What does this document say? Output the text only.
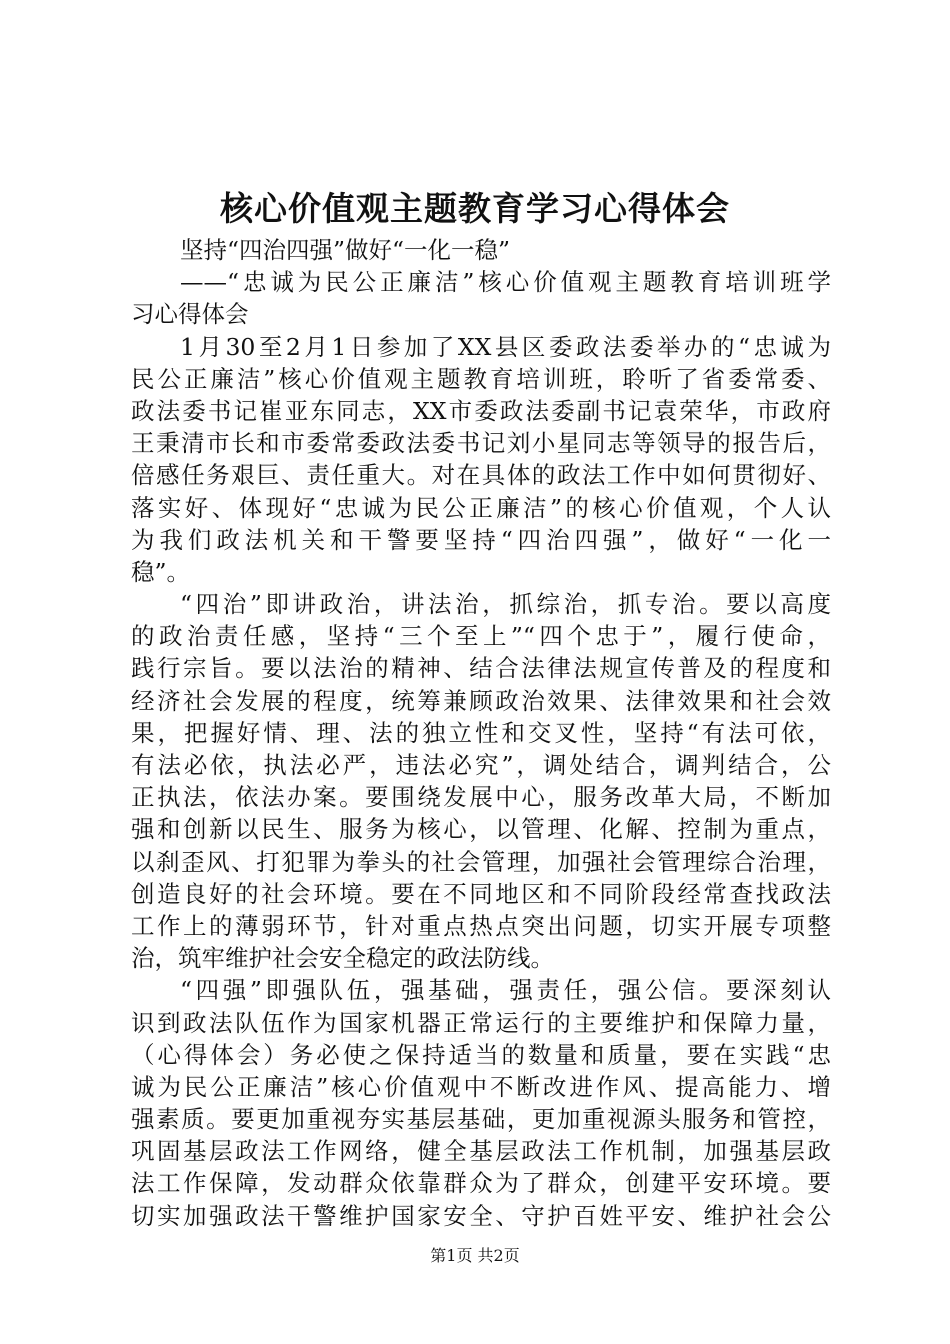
核心价值观主题教育学习心得体会

坚持“四治四强”做好“一化一稳”

——“忠诚为民公正廉洁”核心价值观主题教育培训班学

习心得体会

1月30至2月1日参加了XX县区委政法委举办的“忠诚为

民公正廉洁”核心价值观主题教育培训班，聆听了省委常委、

政法委书记崔亚东同志，XX市委政法委副书记袁荣华，市政府

王秉清市长和市委常委政法委书记刘小星同志等领导的报告后，

倍感任务艰巨、责任重大。对在具体的政法工作中如何贯彻好、

落实好、体现好“忠诚为民公正廉洁”的核心价值观，个人认

为我们政法机关和干警要坚持“四治四强”，做好“一化一

稳”。

“四治”即讲政治，讲法治，抓综治，抓专治。要以高度

的政治责任感，坚持“三个至上”“四个忠于”，履行使命，

践行宗旨。要以法治的精神、结合法律法规宣传普及的程度和

经济社会发展的程度，统筹兼顾政治效果、法律效果和社会效

果，把握好情、理、法的独立性和交叉性，坚持“有法可依，

有法必依，执法必严，违法必究”，调处结合，调判结合，公

正执法，依法办案。要围绕发展中心，服务改革大局，不断加

强和创新以民生、服务为核心，以管理、化解、控制为重点，

以刹歪风、打犯罪为拳头的社会管理，加强社会管理综合治理，

创造良好的社会环境。要在不同地区和不同阶段经常查找政法

工作上的薄弱环节，针对重点热点突出问题，切实开展专项整

治，筑牢维护社会安全稳定的政法防线。

“四强”即强队伍，强基础，强责任，强公信。要深刻认

识到政法队伍作为国家机器正常运行的主要维护和保障力量，

（心得体会）务必使之保持适当的数量和质量，要在实践“忠

诚为民公正廉洁”核心价值观中不断改进作风、提高能力、增

强素质。要更加重视夯实基层基础，更加重视源头服务和管控，

巩固基层政法工作网络，健全基层政法工作机制，加强基层政

法工作保障，发动群众依靠群众为了群众，创建平安环境。要

切实加强政法干警维护国家安全、守护百姓平安、维护社会公

第1页 共2页
